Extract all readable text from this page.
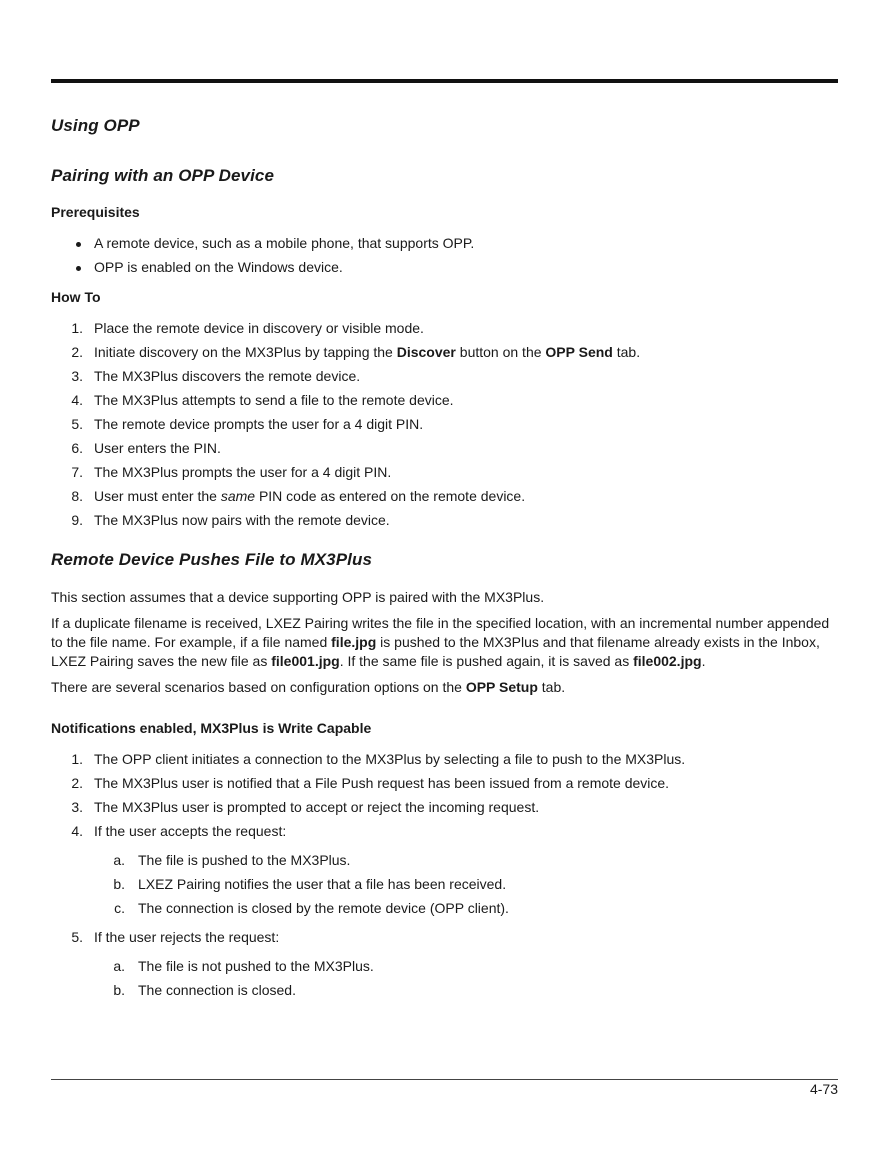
Using OPP
Pairing with an OPP Device
Prerequisites
A remote device, such as a mobile phone, that supports OPP.
OPP is enabled on the Windows device.
How To
1. Place the remote device in discovery or visible mode.
2. Initiate discovery on the MX3Plus by tapping the Discover button on the OPP Send tab.
3. The MX3Plus discovers the remote device.
4. The MX3Plus attempts to send a file to the remote device.
5. The remote device prompts the user for a 4 digit PIN.
6. User enters the PIN.
7. The MX3Plus prompts the user for a 4 digit PIN.
8. User must enter the same PIN code as entered on the remote device.
9. The MX3Plus now pairs with the remote device.
Remote Device Pushes File to MX3Plus

This section assumes that a device supporting OPP is paired with the MX3Plus.

If a duplicate filename is received, LXEZ Pairing writes the file in the specified location, with an incremental number appended to the file name. For example, if a file named file.jpg is pushed to the MX3Plus and that filename already exists in the Inbox, LXEZ Pairing saves the new file as file001.jpg. If the same file is pushed again, it is saved as file002.jpg.

There are several scenarios based on configuration options on the OPP Setup tab.

Notifications enabled, MX3Plus is Write Capable
1. The OPP client initiates a connection to the MX3Plus by selecting a file to push to the MX3Plus.
2. The MX3Plus user is notified that a File Push request has been issued from a remote device.
3. The MX3Plus user is prompted to accept or reject the incoming request.
4. If the user accepts the request:
a. The file is pushed to the MX3Plus.
b. LXEZ Pairing notifies the user that a file has been received.
c. The connection is closed by the remote device (OPP client).
5. If the user rejects the request:
a. The file is not pushed to the MX3Plus.
b. The connection is closed.
4-73
